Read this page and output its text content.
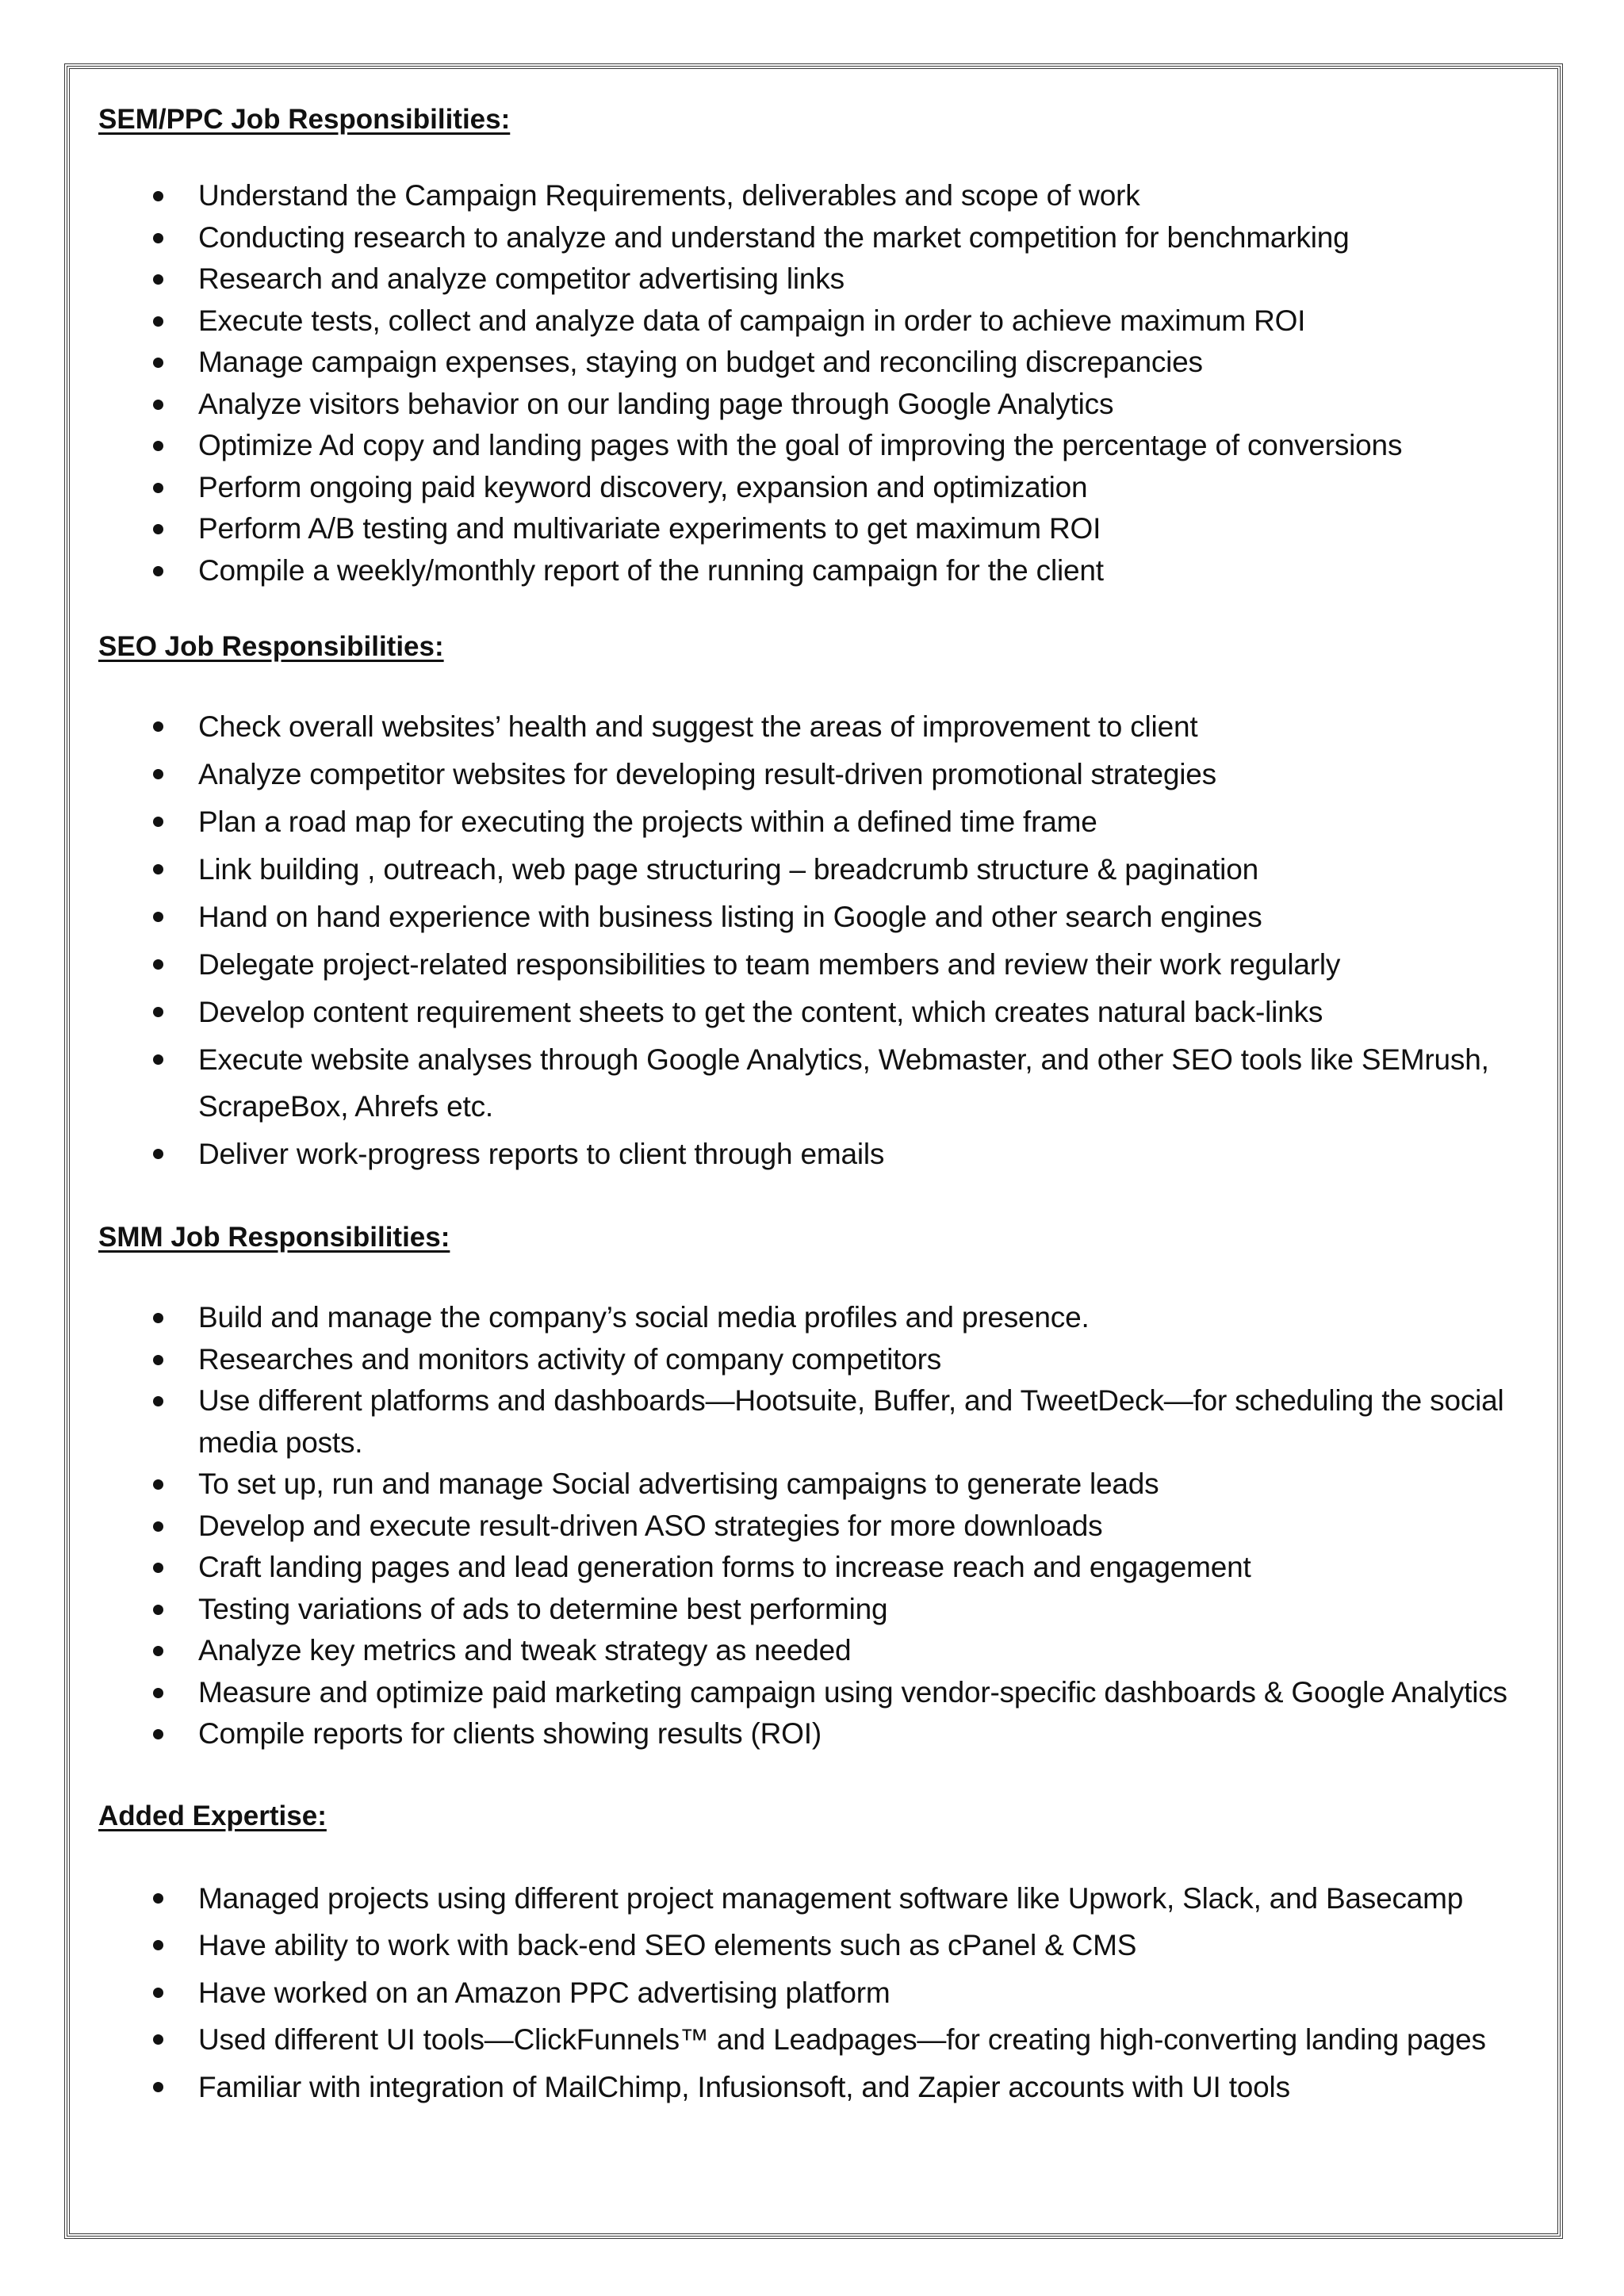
SEM/PPC Job Responsibilities:
Understand the Campaign Requirements, deliverables and scope of work
Conducting research to analyze and understand the market competition for benchmarking
Research and analyze competitor advertising links
Execute tests, collect and analyze data of campaign in order to achieve maximum ROI
Manage campaign expenses, staying on budget and reconciling discrepancies
Analyze visitors behavior on our landing page through Google Analytics
Optimize Ad copy and landing pages with the goal of improving the percentage of conversions
Perform ongoing paid keyword discovery, expansion and optimization
Perform A/B testing and multivariate experiments to get maximum ROI
Compile a weekly/monthly report of the running campaign for the client
SEO Job Responsibilities:
Check overall websites’ health and suggest the areas of improvement to client
Analyze competitor websites for developing result-driven promotional strategies
Plan a road map for executing the projects within a defined time frame
Link building , outreach, web page structuring – breadcrumb structure & pagination
Hand on hand experience with business listing in Google and other search engines
Delegate project-related responsibilities to team members and review their work regularly
Develop content requirement sheets to get the content, which creates natural back-links
Execute website analyses through Google Analytics, Webmaster, and other SEO tools like SEMrush, ScrapeBox, Ahrefs etc.
Deliver work-progress reports to client through emails
SMM Job Responsibilities:
Build and manage the company’s social media profiles and presence.
Researches and monitors activity of company competitors
Use different platforms and dashboards—Hootsuite, Buffer, and TweetDeck—for scheduling the social media posts.
To set up, run and manage Social advertising campaigns to generate leads
Develop and execute result-driven ASO strategies for more downloads
Craft landing pages and lead generation forms to increase reach and engagement
Testing variations of ads to determine best performing
Analyze key metrics and tweak strategy as needed
Measure and optimize paid marketing campaign using vendor-specific dashboards & Google Analytics
Compile reports for clients showing results (ROI)
Added Expertise:
Managed projects using different project management software like Upwork, Slack, and Basecamp
Have ability to work with back-end SEO elements such as cPanel & CMS
Have worked on an Amazon PPC advertising platform
Used different UI tools—ClickFunnels™ and Leadpages—for creating high-converting landing pages
Familiar with integration of MailChimp, Infusionsoft, and Zapier accounts with UI tools
